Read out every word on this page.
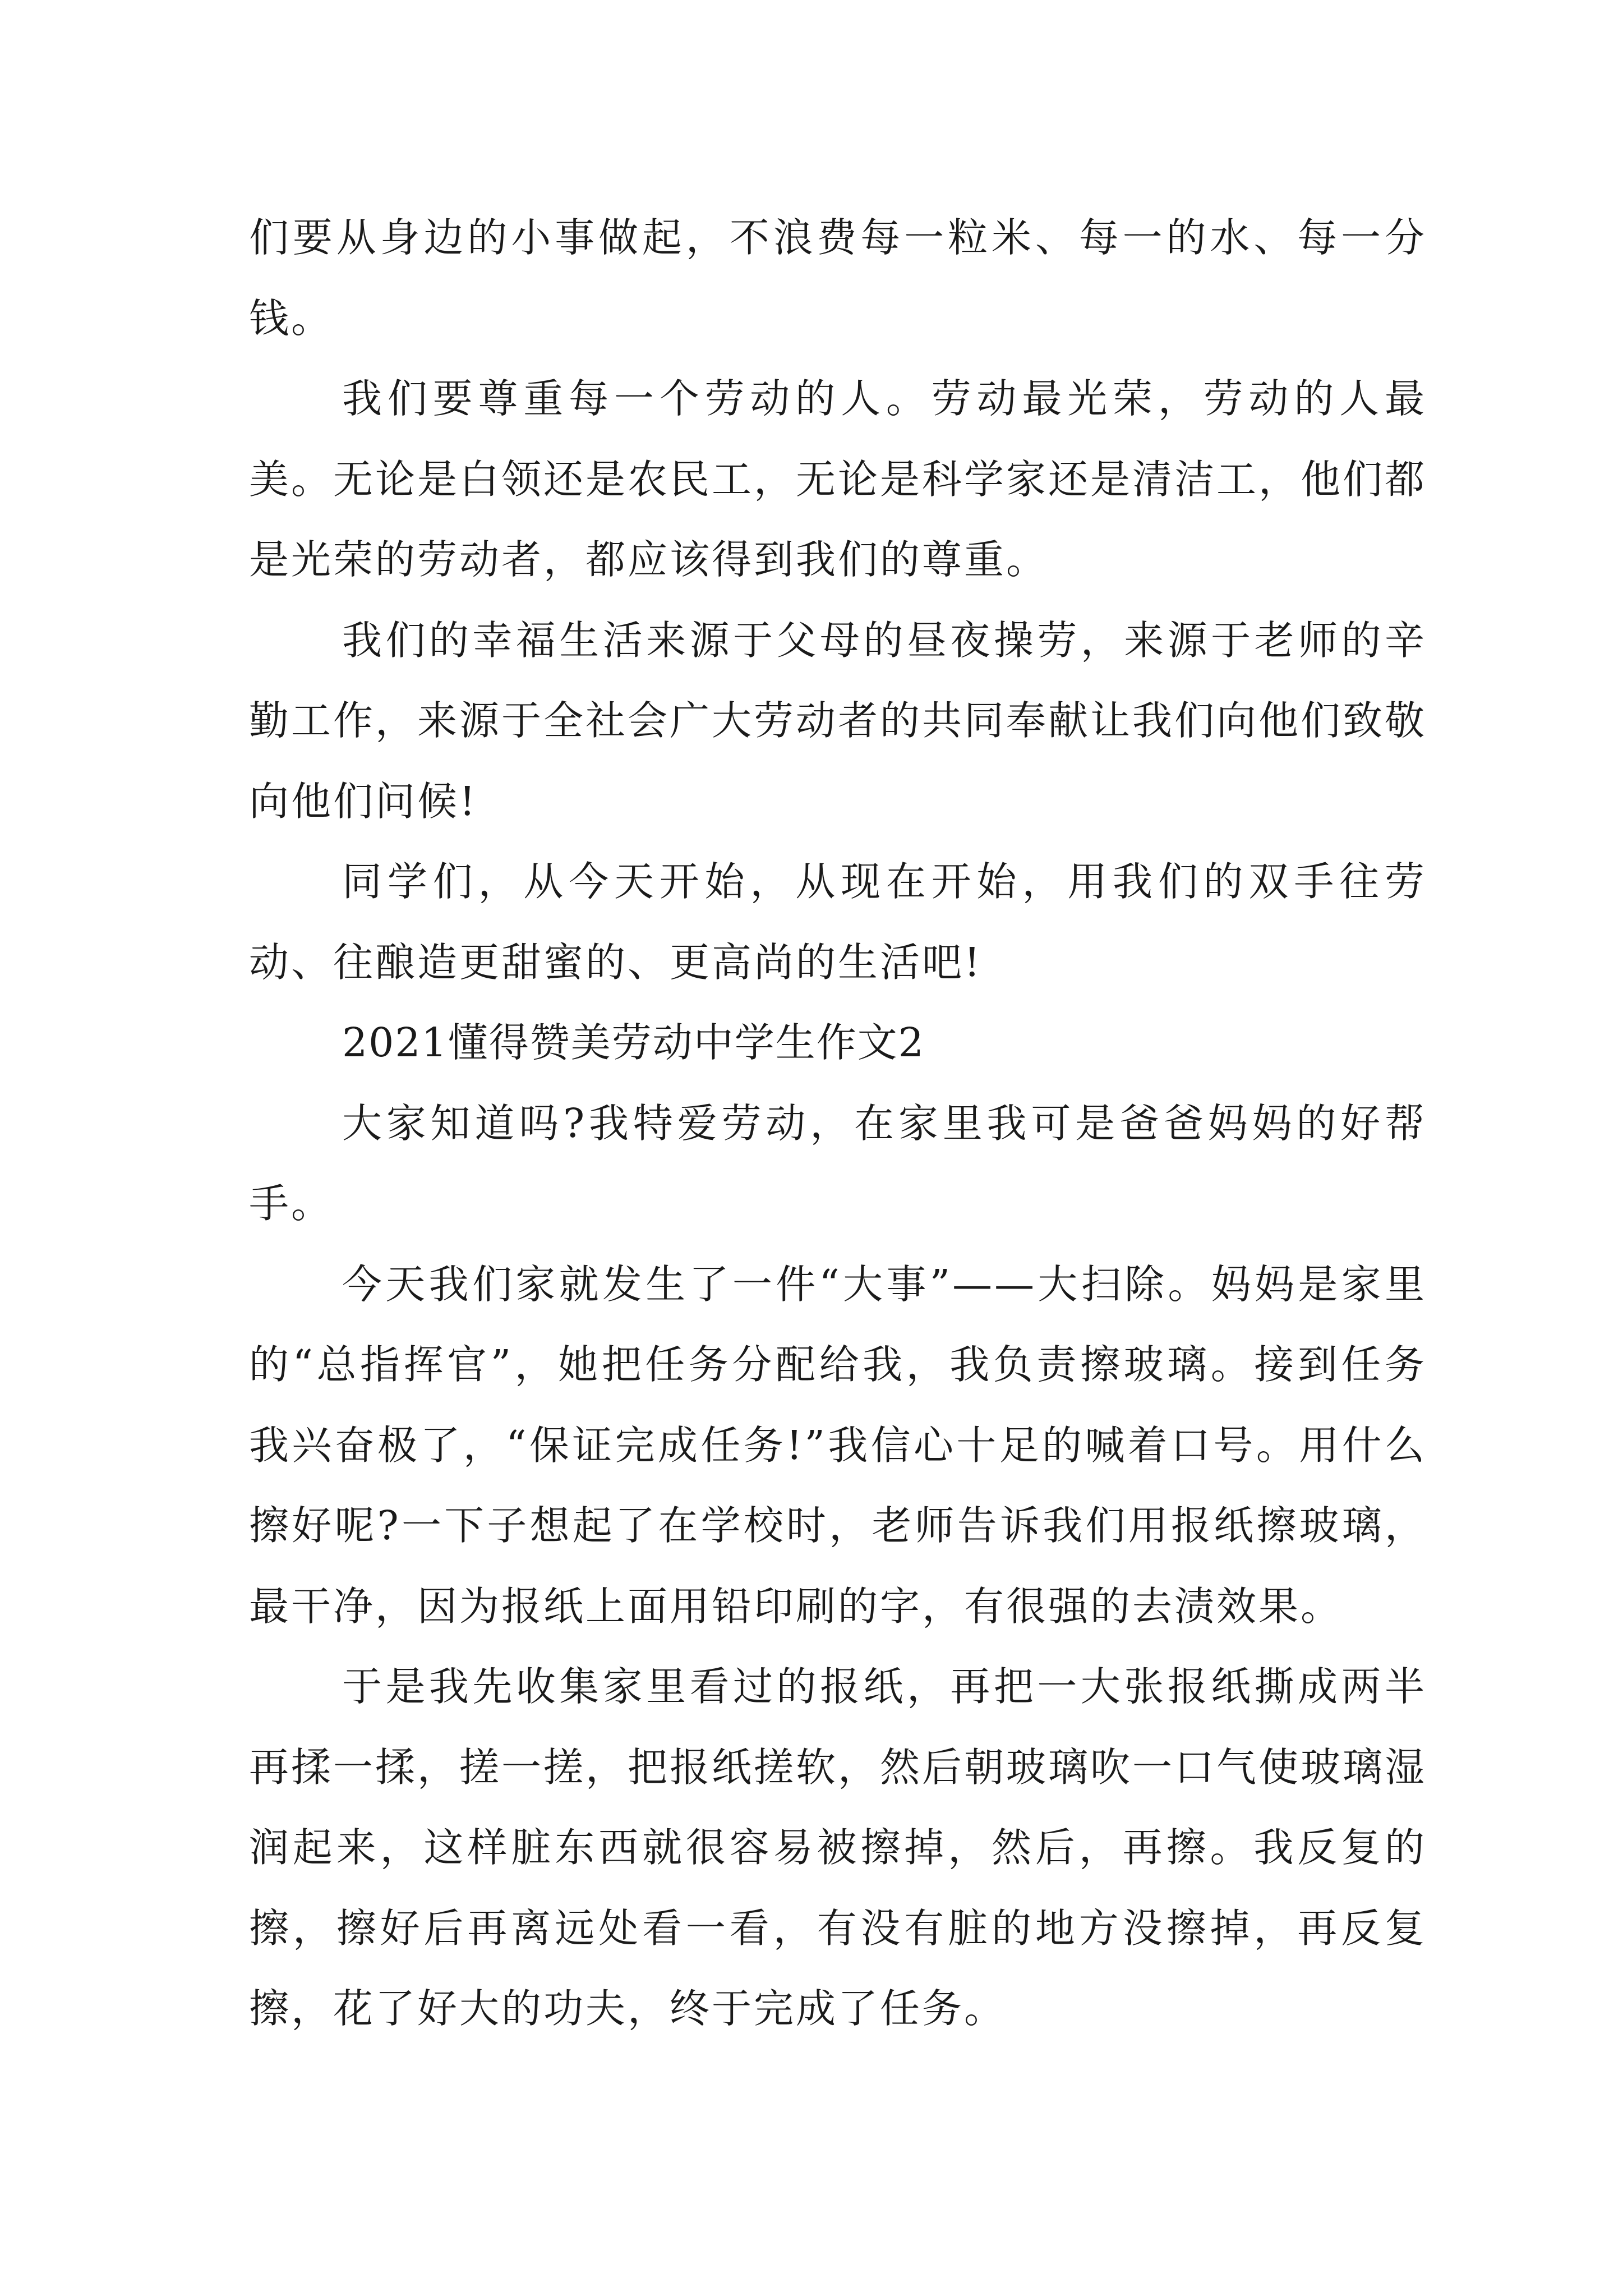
们要从身边的小事做起，不浪费每一粒米、每一的水、每一分钱。

我们要尊重每一个劳动的人。劳动最光荣，劳动的人最美。无论是白领还是农民工，无论是科学家还是清洁工，他们都是光荣的劳动者，都应该得到我们的尊重。

我们的幸福生活来源于父母的昼夜操劳，来源于老师的辛勤工作，来源于全社会广大劳动者的共同奉献让我们向他们致敬向他们问候!

同学们，从今天开始，从现在开始，用我们的双手往劳动、往酿造更甜蜜的、更高尚的生活吧!

2021懂得赞美劳动中学生作文2

大家知道吗?我特爱劳动，在家里我可是爸爸妈妈的好帮手。

今天我们家就发生了一件“大事”——大扫除。妈妈是家里的“总指挥官”，她把任务分配给我，我负责擦玻璃。接到任务我兴奋极了，“保证完成任务!”我信心十足的喊着口号。用什么擦好呢?一下子想起了在学校时，老师告诉我们用报纸擦玻璃，最干净，因为报纸上面用铅印刷的字，有很强的去渍效果。

于是我先收集家里看过的报纸，再把一大张报纸撕成两半再揉一揉，搓一搓，把报纸搓软，然后朝玻璃吹一口气使玻璃湿润起来，这样脏东西就很容易被擦掉，然后，再擦。我反复的擦，擦好后再离远处看一看，有没有脏的地方没擦掉，再反复擦，花了好大的功夫，终于完成了任务。
